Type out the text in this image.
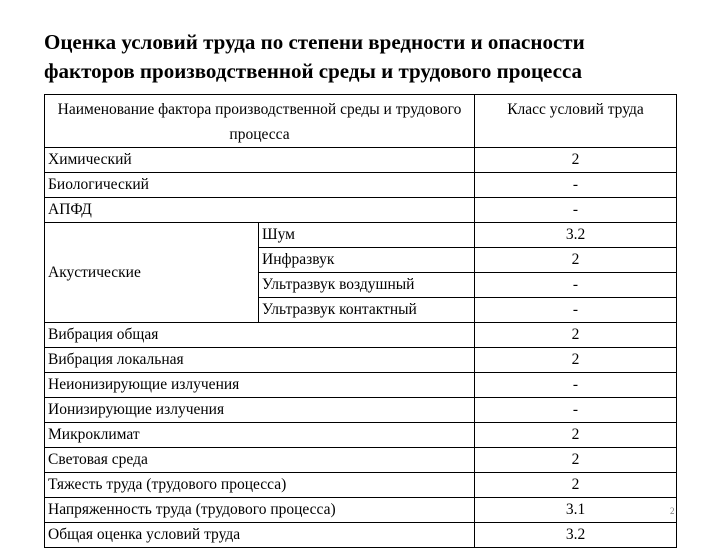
Оценка условий труда по степени вредности и опасности
факторов производственной среды и трудового процесса
Наименование фактора производственной среды и трудового процесса		Класс условий труда
Химический		2
Биологический		-
АПФД		-
Акустические	Шум	3.2
	Инфразвук	2
	Ультразвук воздушный	-
	Ультразвук контактный	-
Вибрация общая		2
Вибрация локальная		2
Неионизирующие излучения		-
Ионизирующие излучения		-
Микроклимат		2
Световая среда		2
Тяжесть труда (трудового процесса)		2
Напряженность труда (трудового процесса)		3.1
Общая оценка условий труда		3.2
2
